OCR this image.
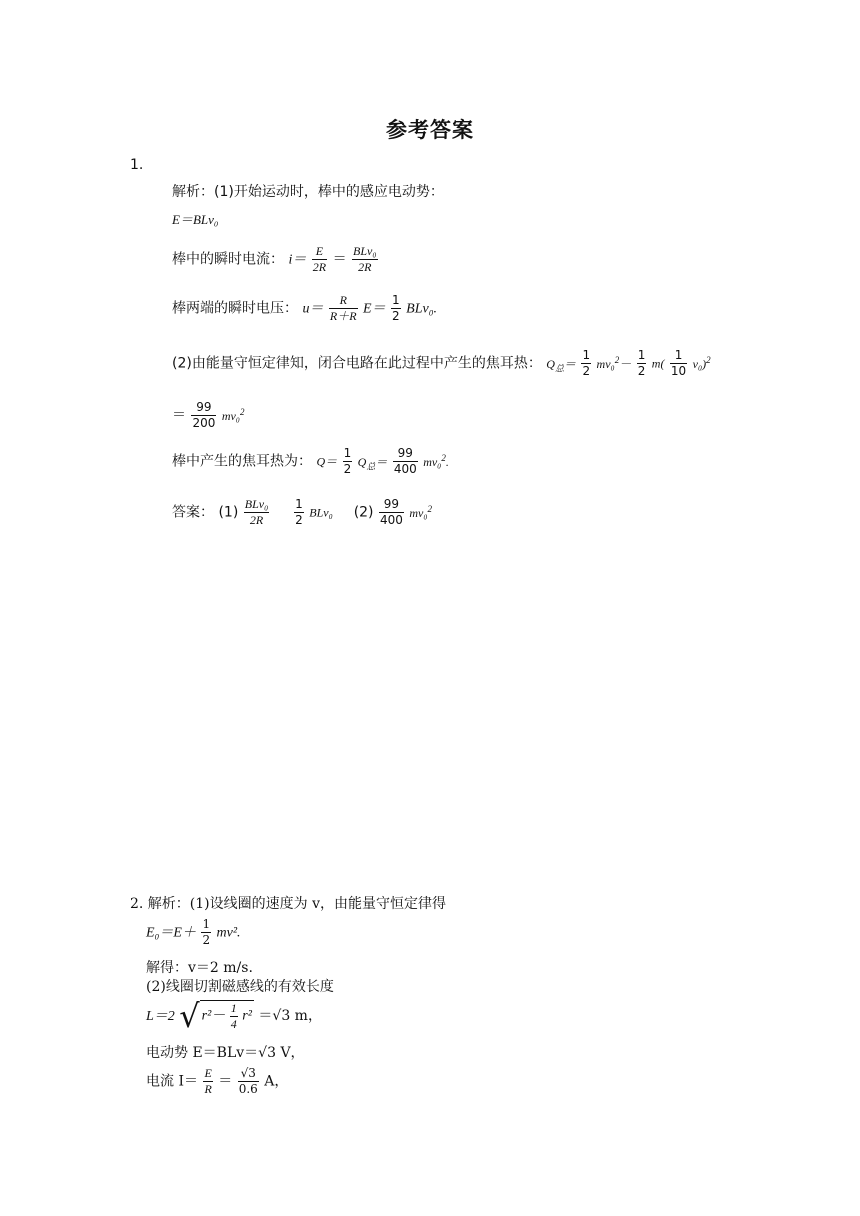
参考答案
1.
解析：(1)开始运动时，棒中的感应电动势：
E＝BLv₀
棒中的瞬时电流： $i= \frac{E}{2R} = \frac{\text{BLv₀}}{2R}$
棒两端的瞬时电压： $u= \frac{R}{R+R} E= \frac{1}{2} BLv_0$.
(2)由能量守恒定律知，闭合电路在此过程中产生的焦耳热： $Q_总= \frac{1}{2} mv_0^2- \frac{1}{2} m( \frac{1}{10} v_0)^2$
＝ $\frac{99}{200} mv_0^2$
棒中产生的焦耳热为： $Q= \frac{1}{2} Q_总= \frac{99}{400} mv_0^2$.
答案： $(1) \frac{\text{BLv₀}}{2R}$
$\frac{1}{2} BLv_0$ $(2) \frac{99}{400} mv_0^2$
2. 解析：(1)设线圈的速度为 v，由能量守恒定律得
$E_0=E+ \frac{1}{2} mv^2$.
解得：v＝2 m/s.
(2)线圈切割磁感线的有效长度
L＝2 √ $r^2- \frac{1}{4} r^2 =√3$ m，
电动势 E＝BLv＝√3 V，
电流 $I= \frac{E}{R} = \frac{√3}{0.6}$ A，
